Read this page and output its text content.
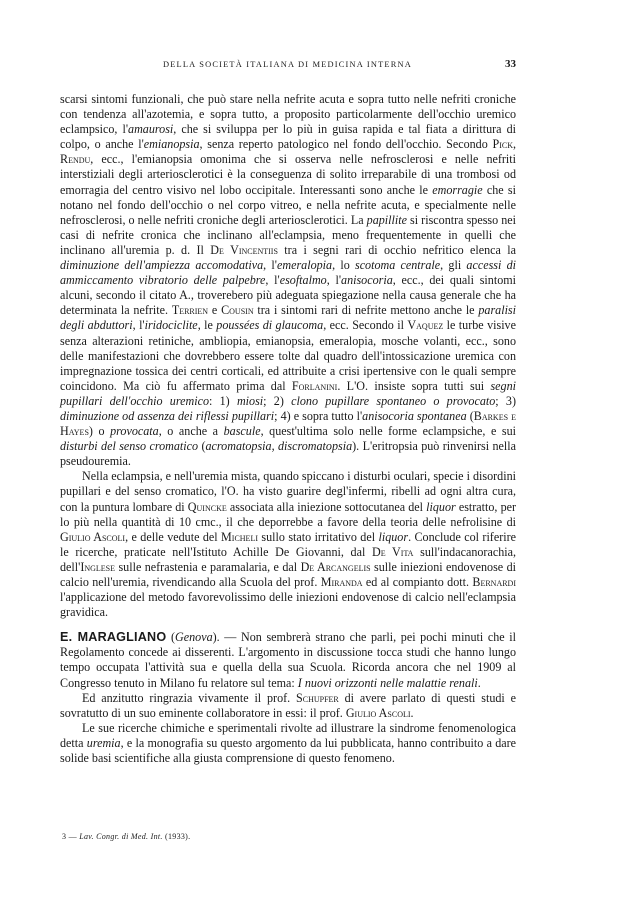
DELLA SOCIETÀ ITALIANA DI MEDICINA INTERNA	33

scarsi sintomi funzionali, che può stare nella nefrite acuta e sopra tutto nelle nefriti croniche con tendenza all'azotemia, e sopra tutto, a proposito particolarmente dell'occhio uremico eclampsico, l'amaurosi, che si sviluppa per lo più in guisa rapida e tal fiata a dirittura di colpo, o anche l'emianopsia, senza reperto patologico nel fondo dell'occhio. Secondo Pick, Rendu, ecc., l'emianopsia omonima che si osserva nelle nefrosclerosi e nelle nefriti interstiziali degli arteriosclerotici è la conseguenza di solito irreparabile di una trombosi od emorragia del centro visivo nel lobo occipitale. Interessanti sono anche le emorragie che si notano nel fondo dell'occhio o nel corpo vitreo, e nella nefrite acuta, e specialmente nelle nefrosclerosi, o nelle nefriti croniche degli arteriosclerotici. La papillite si riscontra spesso nei casi di nefrite cronica che inclinano all'eclampsia, meno frequentemente in quelli che inclinano all'uremia p. d. Il De Vincentiis tra i segni rari di occhio nefritico elenca la diminuzione dell'ampiezza accomodativa, l'emeralopia, lo scotoma centrale, gli accessi di ammiccamento vibratorio delle palpebre, l'esoftalmo, l'anisocoria, ecc., dei quali sintomi alcuni, secondo il citato A., troverebero più adeguata spiegazione nella causa generale che ha determinata la nefrite. Terrien e Cousin tra i sintomi rari di nefrite mettono anche le paralisi degli abduttori, l'iridociclite, le poussées di glaucoma, ecc. Secondo il Vaquez le turbe visive senza alterazioni retiniche, ambliopia, emianopsia, emeralopia, mosche volanti, ecc., sono delle manifestazioni che dovrebbero essere tolte dal quadro dell'intossicazione uremica con impregnazione tossica dei centri corticali, ed attribuite a crisi ipertensive con le quali sempre coincidono. Ma ciò fu affermato prima dal Forlanini. L'O. insiste sopra tutti sui segni pupillari dell'occhio uremico: 1) miosi; 2) clono pupillare spontaneo o provocato; 3) diminuzione od assenza dei riflessi pupillari; 4) e sopra tutto l'anisocoria spontanea (Barkes e Hayes) o provocata, o anche a bascule, quest'ultima solo nelle forme eclampsiche, e sui disturbi del senso cromatico (acromatopsia, discromatopsia). L'eritropsia può rinvenirsi nella pseudouremia.

Nella eclampsia, e nell'uremia mista, quando spiccano i disturbi oculari, specie i disordini pupillari e del senso cromatico, l'O. ha visto guarire degl'infermi, ribelli ad ogni altra cura, con la puntura lombare di Quincke associata alla iniezione sottocutanea del liquor estratto, per lo più nella quantità di 10 cmc., il che deporrebbe a favore della teoria delle nefrolisine di Giulio Ascoli, e delle vedute del Micheli sullo stato irritativo del liquor. Conclude col riferire le ricerche, praticate nell'Istituto Achille De Giovanni, dal De Vita sull'indacanorachia, dell'Inglese sulle nefrastenia e paramalaria, e dal De Arcangelis sulle iniezioni endovenose di calcio nell'uremia, rivendicando alla Scuola del prof. Miranda ed al compianto dott. Bernardi l'applicazione del metodo favorevolissimo delle iniezioni endovenose di calcio nell'eclampsia gravidica.

E. MARAGLIANO (Genova). — Non sembrerà strano che parli, pei pochi minuti che il Regolamento concede ai disserenti. L'argomento in discussione tocca studi che hanno lungo tempo occupata l'attività sua e quella della sua Scuola. Ricorda ancora che nel 1909 al Congresso tenuto in Milano fu relatore sul tema: I nuovi orizzonti nelle malattie renali.

Ed anzitutto ringrazia vivamente il prof. Schupfer di avere parlato di questi studi e sovratutto di un suo eminente collaboratore in essi: il prof. Giulio Ascoli.

Le sue ricerche chimiche e sperimentali rivolte ad illustrare la sindrome fenomenologica detta uremia, e la monografia su questo argomento da lui pubblicata, hanno contribuito a dare solide basi scientifiche alla giusta comprensione di questo fenomeno.

3 — Lav. Congr. di Med. Int. (1933).
